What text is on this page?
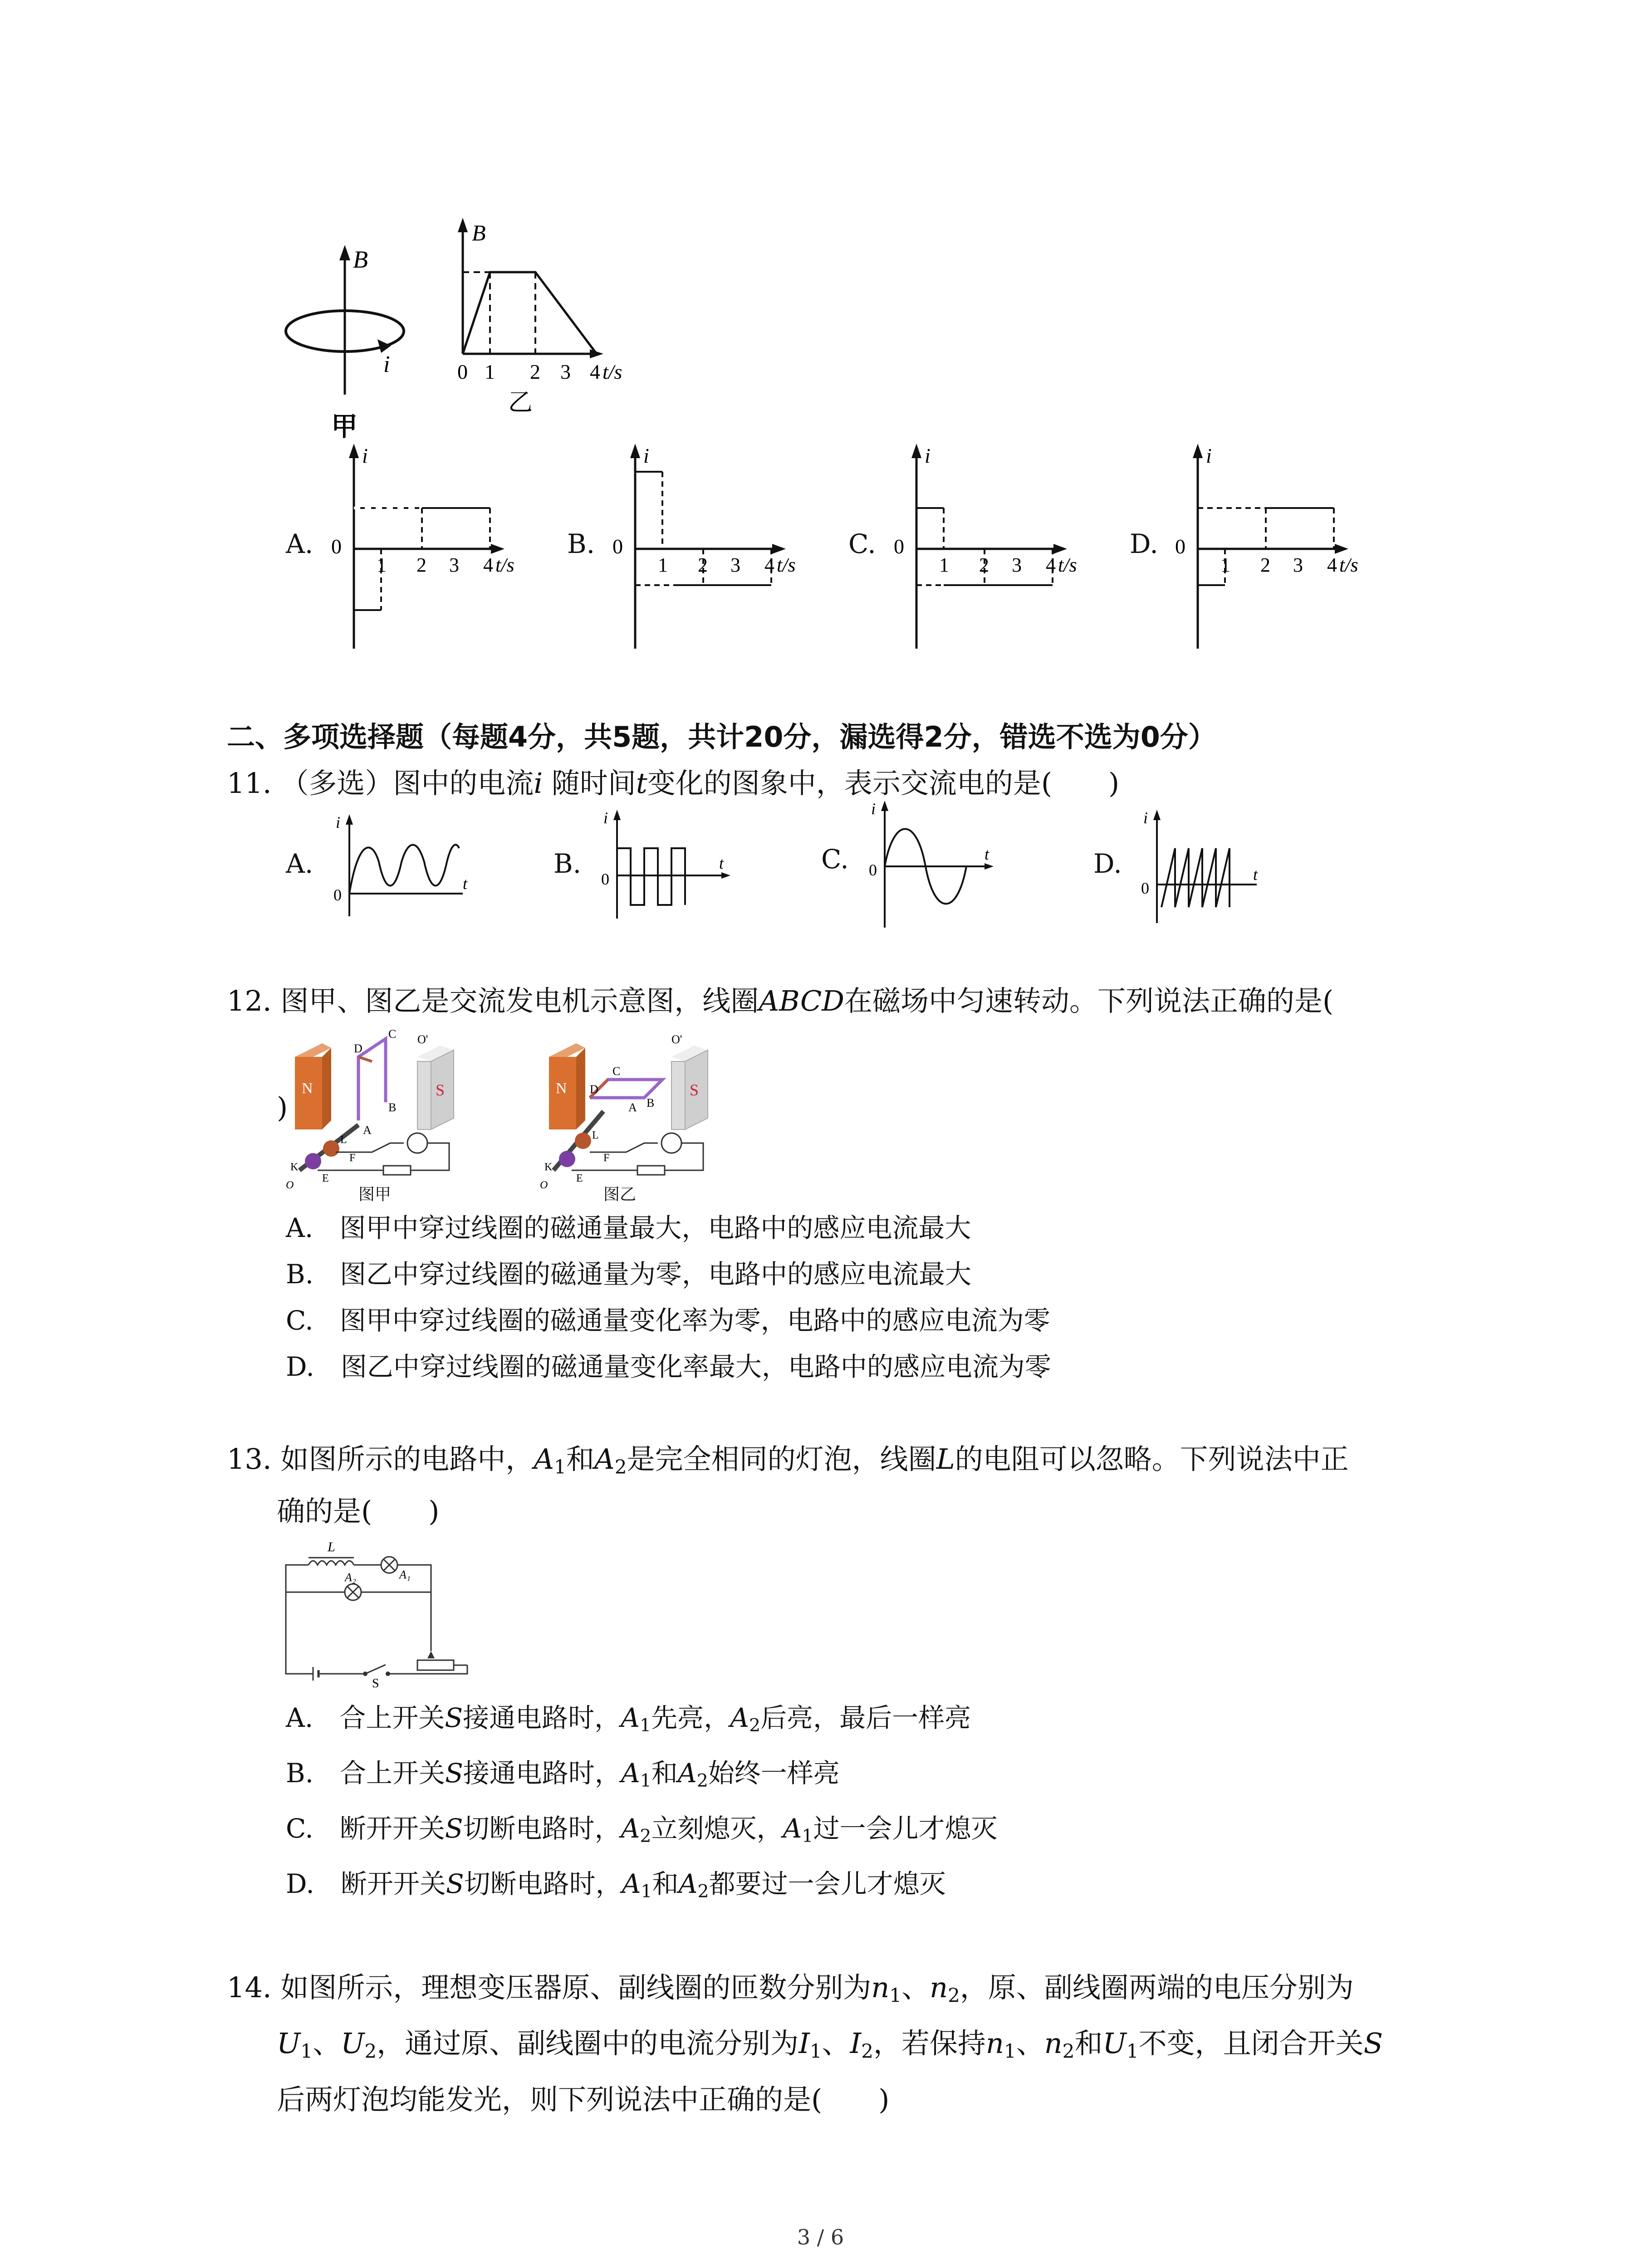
B
i
甲
B
0 1 2 3 4 t/s
乙
A.
i
0
1 2 3 4 t/s
B.
i
0
1 2 3 4 t/s
C.
i
0
1 2 3 4 t/s
D.
i
0
1 2 3 4 t/s
二、多项选择题（每题4分，共5题，共计20分，漏选得2分，错选不选为0分）
11. （多选）图中的电流i 随时间t变化的图象中，表示交流电的是(　　)
A.
i
0
t
B.
i
0
t	C.
i
0
t	D.
i
0
t
12. 图甲、图乙是交流发电机示意图，线圈ABCD在磁场中匀速转动。下列说法正确的是(
)
N	S
D
C
B
A
O'
K
L
F
E
O	图甲
N	S
C
D
B
A
O'
K
L
F
E
O	图乙
A.　图甲中穿过线圈的磁通量最大，电路中的感应电流最大
B.　图乙中穿过线圈的磁通量为零，电路中的感应电流最大
C.　图甲中穿过线圈的磁通量变化率为零，电路中的感应电流为零
D.　图乙中穿过线圈的磁通量变化率最大，电路中的感应电流为零
13. 如图所示的电路中，$A_1$和$A_2$是完全相同的灯泡，线圈L的电阻可以忽略。下列说法中正
确的是(　　)
L
A₁
A₂
S
A.　合上开关S接通电路时，$A_1$先亮，$A_2$后亮，最后一样亮
B.　合上开关S接通电路时，$A_1$和$A_2$始终一样亮
C.　断开开关S切断电路时，$A_2$立刻熄灭，$A_1$过一会儿才熄灭
D.　断开开关S切断电路时，$A_1$和$A_2$都要过一会儿才熄灭
14. 如图所示，理想变压器原、副线圈的匝数分别为$n_1$、$n_2$，原、副线圈两端的电压分别为
$U_1$、$U_2$，通过原、副线圈中的电流分别为$I_1$、$I_2$，若保持$n_1$、$n_2$和$U_1$不变，且闭合开关S
后两灯泡均能发光，则下列说法中正确的是(　　)
3 / 6
